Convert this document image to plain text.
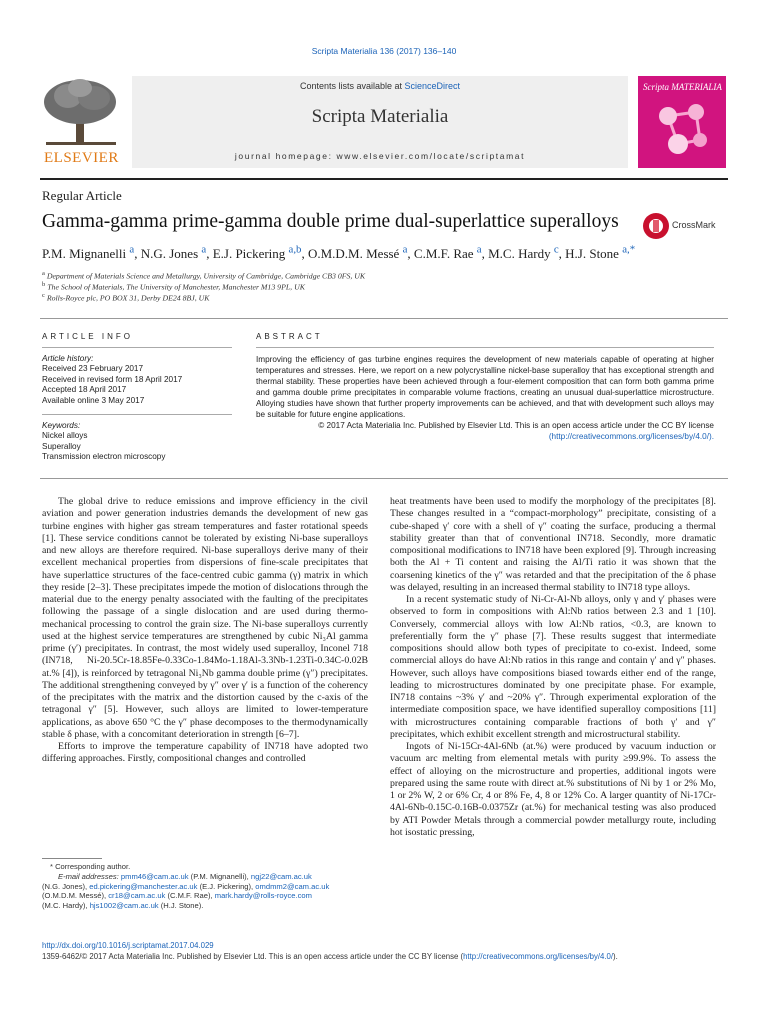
Scripta Materialia 136 (2017) 136–140
ELSEVIER
Contents lists available at ScienceDirect
Scripta Materialia
journal homepage: www.elsevier.com/locate/scriptamat
Scripta MATERIALIA
Regular Article
Gamma-gamma prime-gamma double prime dual-superlattice superalloys	CrossMark
P.M. Mignanelli $^a$, N.G. Jones $^a$, E.J. Pickering $^{a,b}$, O.M.D.M. Messé $^a$, C.M.F. Rae $^a$, M.C. Hardy $^c$, H.J. Stone $^{a,*}$
$^a$ Department of Materials Science and Metallurgy, University of Cambridge, Cambridge CB3 0FS, UK
$^b$ The School of Materials, The University of Manchester, Manchester M13 9PL, UK
$^c$ Rolls-Royce plc, PO BOX 31, Derby DE24 8BJ, UK
ARTICLE INFO
Article history:
Received 23 February 2017
Received in revised form 18 April 2017
Accepted 18 April 2017
Available online 3 May 2017
Keywords:
Nickel alloys
Superalloy
Transmission electron microscopy
ABSTRACT
Improving the efficiency of gas turbine engines requires the development of new materials capable of operating at higher temperatures and stresses. Here, we report on a new polycrystalline nickel-base superalloy that has exceptional strength and thermal stability. These properties have been achieved through a four-element composition that can form both gamma prime and gamma double prime precipitates in comparable volume fractions, creating an unusual dual-superlattice microstructure. Alloying studies have shown that further property improvements can be achieved, and that with development such alloys may be suitable for future engine applications.
© 2017 Acta Materialia Inc. Published by Elsevier Ltd. This is an open access article under the CC BY license
(http://creativecommons.org/licenses/by/4.0/).

The global drive to reduce emissions and improve efficiency in the civil aviation and power generation industries demands the development of new gas turbine engines with higher gas stream temperatures and faster rotational speeds [1]. These service conditions cannot be tolerated by existing Ni-base superalloys and new alloys are therefore required. Ni-base superalloys derive many of their excellent mechanical properties from dispersions of fine-scale precipitates that have superlattice structures of the face-centred cubic gamma (γ) matrix in which they reside [2–3]. These precipitates impede the motion of dislocations through the material due to the energy penalty associated with the faulting of the precipitates following the passage of a single dislocation and are used during thermo-mechanical processing to control the grain size. The Ni-base superalloys currently used at the highest service temperatures are strengthened by cubic Ni₃Al gamma prime (γ′) precipitates. In contrast, the most widely used superalloy, Inconel 718 (IN718, Ni-20.5Cr-18.85Fe-0.33Co-1.84Mo-1.18Al-3.3Nb-1.23Ti-0.34C-0.02B at.% [4]), is reinforced by tetragonal Ni₃Nb gamma double prime (γ″) precipitates. The additional strengthening conveyed by γ″ over γ′ is a function of the coherency of the precipitates with the matrix and the distortion caused by the c-axis of the tetragonal γ″ [5]. However, such alloys are limited to lower-temperature applications, as above 650 °C the γ″ phase decomposes to the thermodynamically stable δ phase, with a concomitant deterioration in strength [6–7].

Efforts to improve the temperature capability of IN718 have adopted two differing approaches. Firstly, compositional changes and controlled

heat treatments have been used to modify the morphology of the precipitates [8]. These changes resulted in a “compact-morphology” precipitate, consisting of a cube-shaped γ′ core with a shell of γ″ coating the surface, producing a thermal stability greater than that of conventional IN718. Secondly, more dramatic compositional modifications to IN718 have been explored [9]. Through increasing both the Al + Ti content and raising the Al/Ti ratio it was shown that the coarsening kinetics of the γ″ was retarded and that the precipitation of the δ phase was delayed, resulting in an increased thermal stability to IN718 type alloys.

In a recent systematic study of Ni-Cr-Al-Nb alloys, only γ and γ′ phases were observed to form in compositions with Al:Nb ratios between 2.3 and 1 [10]. Conversely, commercial alloys with low Al:Nb ratios, <0.3, are known to preferentially form the γ″ phase [7]. These results suggest that intermediate compositions should allow both types of precipitate to co-exist. Indeed, some commercial alloys do have Al:Nb ratios in this range and contain γ′ and γ″ phases. However, such alloys have compositions biased towards either end of the range, leading to microstructures dominated by one precipitate phase. For example, IN718 contains ~3% γ′ and ~20% γ″. Through experimental exploration of the intermediate composition space, we have identified superalloy compositions [11] with microstructures containing comparable fractions of both γ′ and γ″ precipitates, which exhibit excellent strength and microstructural stability.

Ingots of Ni-15Cr-4Al-6Nb (at.%) were produced by vacuum induction or vacuum arc melting from elemental metals with purity ≥99.9%. To assess the effect of alloying on the microstructure and properties, additional ingots were prepared using the same route with direct at.% substitutions of Ni by 1 or 2% Mo, 1 or 2% W, 2 or 6% Cr, 4 or 8% Fe, 4, 8 or 12% Co. A larger quantity of Ni-17Cr-4Al-6Nb-0.15C-0.16B-0.0375Zr (at.%) for mechanical testing was also produced by ATI Powder Metals through a commercial powder metallurgy route, including hot isostatic pressing,

* Corresponding author.
E-mail addresses: pmm46@cam.ac.uk (P.M. Mignanelli), ngj22@cam.ac.uk
(N.G. Jones), ed.pickering@manchester.ac.uk (E.J. Pickering), omdmm2@cam.ac.uk
(O.M.D.M. Messé), cr18@cam.ac.uk (C.M.F. Rae), mark.hardy@rolls-royce.com
(M.C. Hardy), hjs1002@cam.ac.uk (H.J. Stone).
http://dx.doi.org/10.1016/j.scriptamat.2017.04.029
1359-6462/© 2017 Acta Materialia Inc. Published by Elsevier Ltd. This is an open access article under the CC BY license (http://creativecommons.org/licenses/by/4.0/).
